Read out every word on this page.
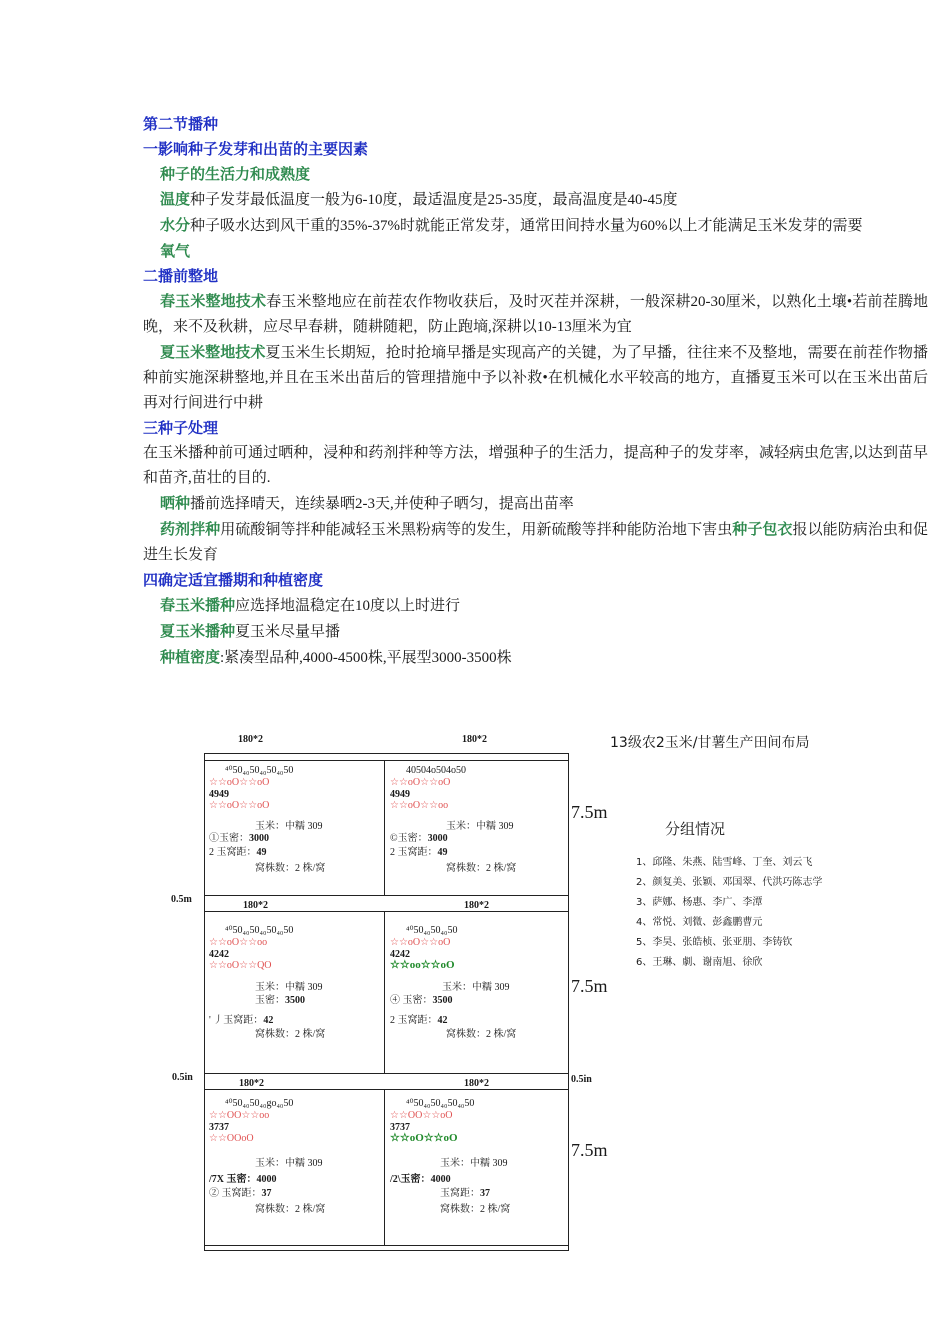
第二节播种
一影响种子发芽和出苗的主要因素
种子的生活力和成熟度
温度种子发芽最低温度一般为6-10度，最适温度是25-35度，最高温度是40-45度
水分种子吸水达到风干重的35%-37%时就能正常发芽，通常田间持水量为60%以上才能满足玉米发芽的需要
氧气
二播前整地
春玉米整地技术春玉米整地应在前茬农作物收获后，及时灭茬并深耕，一般深耕20-30厘米，以熟化土壤•若前茬腾地晚，来不及秋耕，应尽早春耕，随耕随耙，防止跑墒,深耕以10-13厘米为宜
夏玉米整地技术夏玉米生长期短，抢时抢墒早播是实现高产的关键，为了早播，往往来不及整地，需要在前茬作物播种前实施深耕整地,并且在玉米出苗后的管理措施中予以补救•在机械化水平较高的地方，直播夏玉米可以在玉米出苗后再对行间进行中耕
三种子处理
在玉米播种前可通过晒种，浸种和药剂拌种等方法，增强种子的生活力，提高种子的发芽率，减轻病虫危害,以达到苗早和苗齐,苗壮的目的.
晒种播前选择晴天，连续暴晒2-3天,并使种子晒匀，提高出苗率
药剂拌种用硫酸铜等拌种能减轻玉米黑粉病等的发生，用新硫酸等拌种能防治地下害虫种子包衣报以能防病治虫和促进生长发育
四确定适宜播期和种植密度
春玉米播种应选择地温稳定在10度以上时进行
夏玉米播种夏玉米尽量早播
种植密度:紧凑型品种,4000-4500株,平展型3000-3500株
180*2	180*2	13级农2玉米/甘薯生产田间布局
180*2	180*2
180*2	180*2
0.5m
0.5in	0.5in
7.5m
7.5m
7.5m
分组情况
1、邱隆、朱燕、陆雪峰、丁奎、刘云飞
2、颜复美、张颖、邓国翠、代洪巧陈志学
3、萨娜、杨惠、李广、李潭
4、常悦、刘微、彭鑫鹏曹元
5、李昊、张皓桢、张亚朋、李铸钦
6、王琳、劇、谢南旭、徐欣
⁴⁰50₄₀50₄₀50₄₀50
☆☆oO☆☆oO
4949
☆☆oO☆☆oO
玉米：中糯 309
①玉密：3000
2 玉窝距：49
窝株数：2 株/窝
40504o504o50
☆☆oO☆☆oO
4949
☆☆oO☆☆oo
玉米：中糯 309
©玉密：3000
2 玉窝距：49
窝株数：2 株/窝
⁴⁰50₄₀50₄₀50₄₀50
☆☆oO☆☆oo
4242
☆☆oO☆☆QO
玉米：中糯 309
玉密：3500
' 丿玉窝距：42
窝株数：2 株/窝
⁴⁰50₄₀50₄₀50
☆☆oO☆☆oO
4242
☆☆oo☆☆oO
玉米：中糯 309
④ 玉密：3500
2 玉窝距：42
窝株数：2 株/窝
⁴⁰50₄₀50₄₀go₄₀50
☆☆OO☆☆oo
3737
☆☆OOoO
玉米：中糯 309
/7X 玉密：4000
② 玉窝距：37
窝株数：2 株/窝
⁴⁰50₄₀50₄₀50₄₀50
☆☆OO☆☆oO
3737
☆☆oO☆☆oO
玉米：中糯 309
/2\玉密：4000
玉窝距：37
窝株数：2 株/窝
